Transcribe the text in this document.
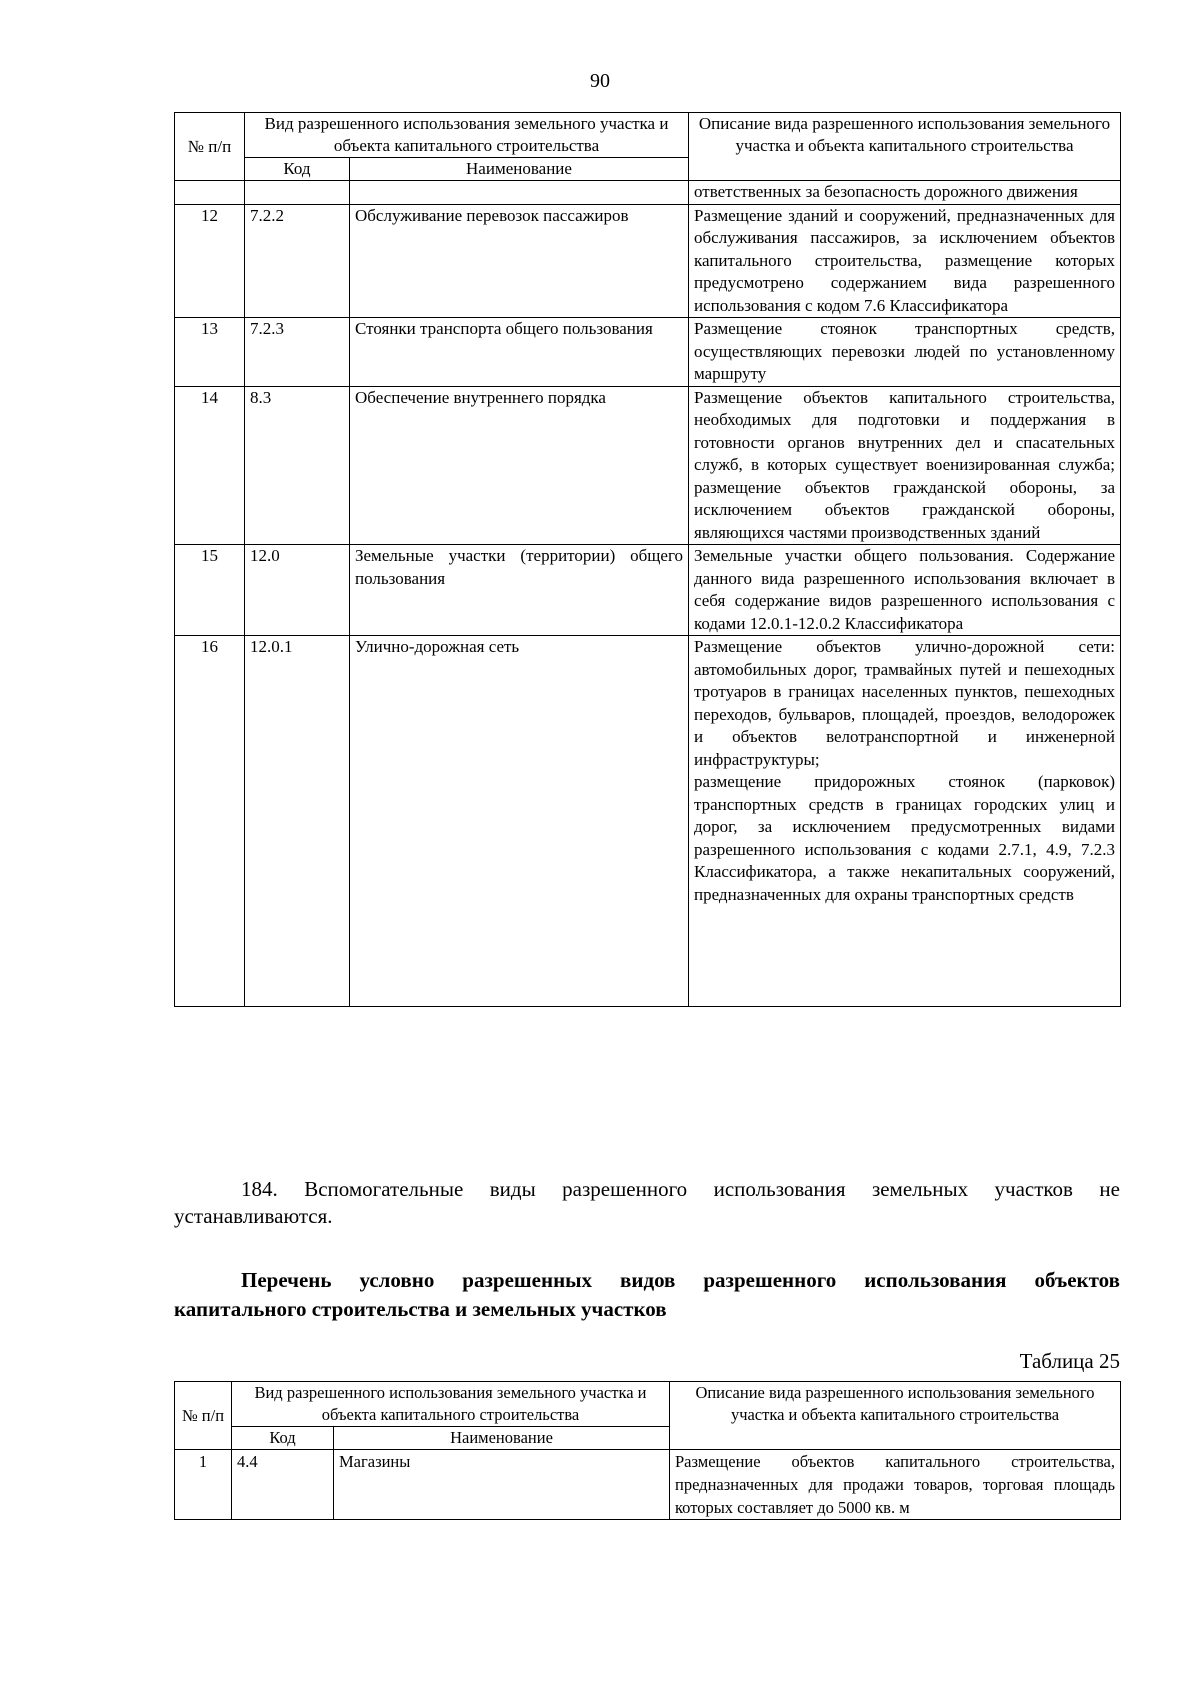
90
№ п/п	Вид разрешенного использования земельного участка и объекта капитального строительства		Описание вида разрешенного использования земельного участка и объекта капитального строительства
	Код	Наименование	
			ответственных за безопасность дорожного движения
12	7.2.2	Обслуживание перевозок пассажиров	Размещение зданий и сооружений, предназначенных для обслуживания пассажиров, за исключением объектов капитального строительства, размещение которых предусмотрено содержанием вида разрешенного использования с кодом 7.6 Классификатора
13	7.2.3	Стоянки транспорта общего пользования	Размещение стоянок транспортных средств, осуществляющих перевозки людей по установленному маршруту
14	8.3	Обеспечение внутреннего порядка	Размещение объектов капитального строительства, необходимых для подготовки и поддержания в готовности органов внутренних дел и спасательных служб, в которых существует военизированная служба; размещение объектов гражданской обороны, за исключением объектов гражданской обороны, являющихся частями производственных зданий
15	12.0	Земельные участки (территории) общего пользования	Земельные участки общего пользования. Содержание данного вида разрешенного использования включает в себя содержание видов разрешенного использования с кодами 12.0.1-12.0.2 Классификатора
16	12.0.1	Улично-дорожная сеть	Размещение объектов улично-дорожной сети: автомобильных дорог, трамвайных путей и пешеходных тротуаров в границах населенных пунктов, пешеходных переходов, бульваров, площадей, проездов, велодорожек и объектов велотранспортной и инженерной инфраструктуры;
размещение придорожных стоянок (парковок) транспортных средств в границах городских улиц и дорог, за исключением предусмотренных видами разрешенного использования с кодами 2.7.1, 4.9, 7.2.3 Классификатора, а также некапитальных сооружений, предназначенных для охраны транспортных средств
184. Вспомогательные виды разрешенного использования земельных участков не устанавливаются.
Перечень условно разрешенных видов разрешенного использования объектов капитального строительства и земельных участков
Таблица 25
№ п/п	Вид разрешенного использования земельного участка и объекта капитального строительства		Описание вида разрешенного использования земельного участка и объекта капитального строительства
	Код	Наименование	
1	4.4	Магазины	Размещение объектов капитального строительства, предназначенных для продажи товаров, торговая площадь которых составляет до 5000 кв. м
